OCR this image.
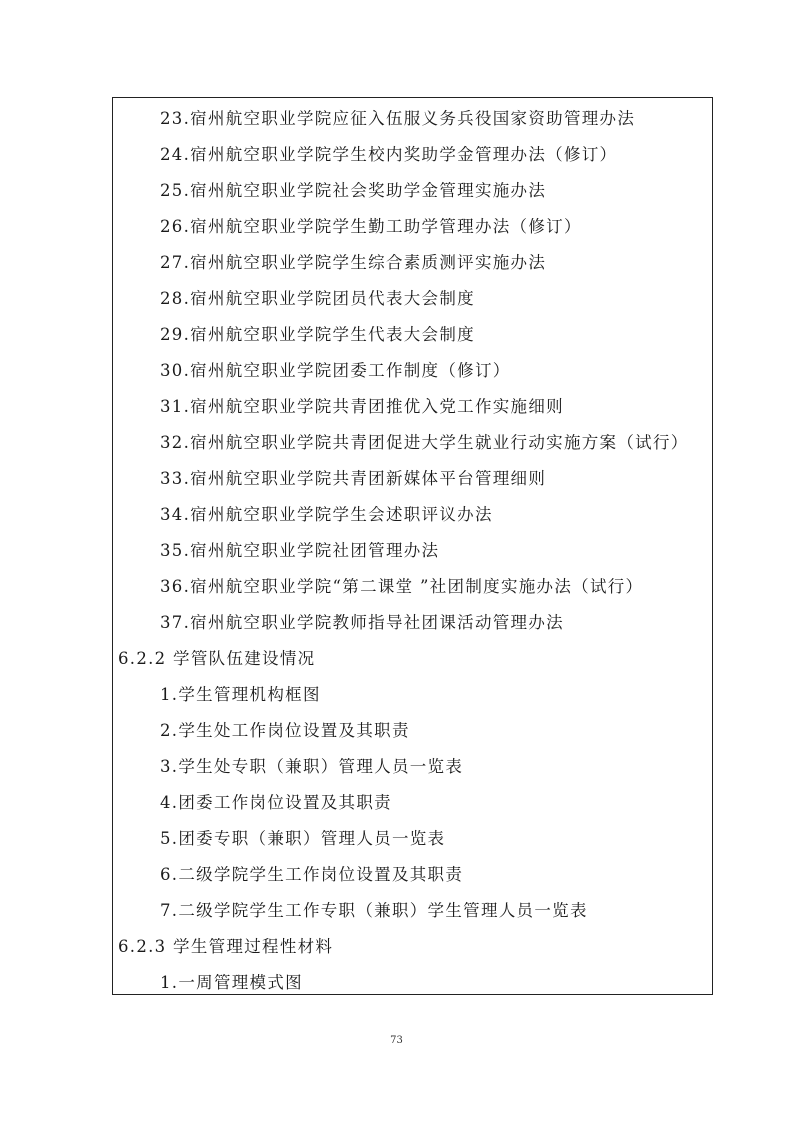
23.宿州航空职业学院应征入伍服义务兵役国家资助管理办法
24.宿州航空职业学院学生校内奖助学金管理办法（修订）
25.宿州航空职业学院社会奖助学金管理实施办法
26.宿州航空职业学院学生勤工助学管理办法（修订）
27.宿州航空职业学院学生综合素质测评实施办法
28.宿州航空职业学院团员代表大会制度
29.宿州航空职业学院学生代表大会制度
30.宿州航空职业学院团委工作制度（修订）
31.宿州航空职业学院共青团推优入党工作实施细则
32.宿州航空职业学院共青团促进大学生就业行动实施方案（试行）
33.宿州航空职业学院共青团新媒体平台管理细则
34.宿州航空职业学院学生会述职评议办法
35.宿州航空职业学院社团管理办法
36.宿州航空职业学院“第二课堂 ”社团制度实施办法（试行）
37.宿州航空职业学院教师指导社团课活动管理办法
6.2.2 学管队伍建设情况
1.学生管理机构框图
2.学生处工作岗位设置及其职责
3.学生处专职（兼职）管理人员一览表
4.团委工作岗位设置及其职责
5.团委专职（兼职）管理人员一览表
6.二级学院学生工作岗位设置及其职责
7.二级学院学生工作专职（兼职）学生管理人员一览表
6.2.3 学生管理过程性材料
1.一周管理模式图
73
